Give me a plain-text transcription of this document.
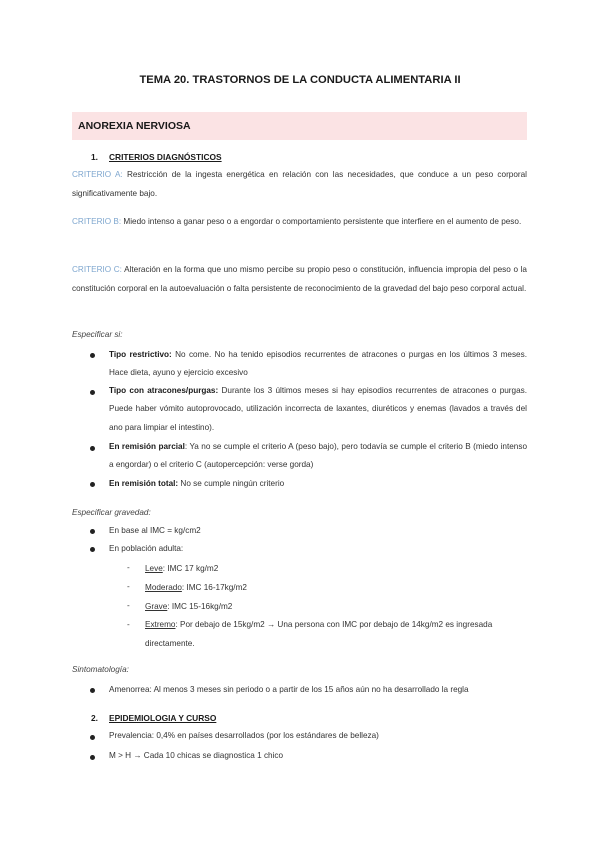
TEMA 20. TRASTORNOS DE LA CONDUCTA ALIMENTARIA II
ANOREXIA NERVIOSA
1. CRITERIOS DIAGNÓSTICOS
CRITERIO A: Restricción de la ingesta energética en relación con las necesidades, que conduce a un peso corporal significativamente bajo.
CRITERIO B: Miedo intenso a ganar peso o a engordar o comportamiento persistente que interfiere en el aumento de peso.
CRITERIO C: Alteración en la forma que uno mismo percibe su propio peso o constitución, influencia impropia del peso o la constitución corporal en la autoevaluación o falta persistente de reconocimiento de la gravedad del bajo peso corporal actual.
Especificar si:
Tipo restrictivo: No come. No ha tenido episodios recurrentes de atracones o purgas en los últimos 3 meses. Hace dieta, ayuno y ejercicio excesivo
Tipo con atracones/purgas: Durante los 3 últimos meses si hay episodios recurrentes de atracones o purgas. Puede haber vómito autoprovocado, utilización incorrecta de laxantes, diuréticos y enemas (lavados a través del ano para limpiar el intestino).
En remisión parcial: Ya no se cumple el criterio A (peso bajo), pero todavía se cumple el criterio B (miedo intenso a engordar) o el criterio C (autopercepción: verse gorda)
En remisión total: No se cumple ningún criterio
Especificar gravedad:
En base al IMC = kg/cm2
En población adulta:
- Leve: IMC 17 kg/m2
- Moderado: IMC 16-17kg/m2
- Grave: IMC 15-16kg/m2
- Extremo: Por debajo de 15kg/m2 → Una persona con IMC por debajo de 14kg/m2 es ingresada directamente.
Sintomatología:
Amenorrea: Al menos 3 meses sin periodo o a partir de los 15 años aún no ha desarrollado la regla
2. EPIDEMIOLOGIA Y CURSO
Prevalencia: 0,4% en países desarrollados (por los estándares de belleza)
M > H → Cada 10 chicas se diagnostica 1 chico
